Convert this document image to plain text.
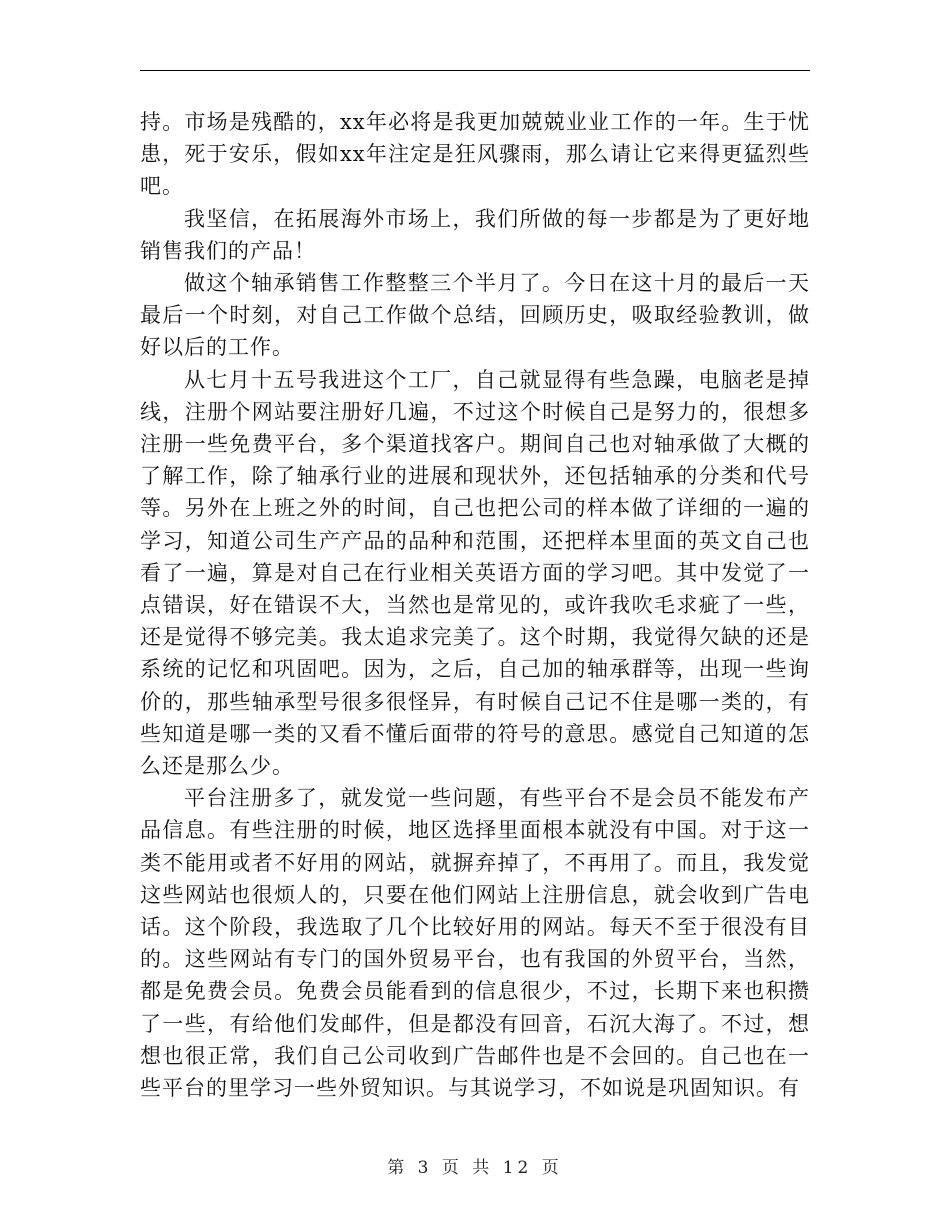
持。市场是残酷的，xx年必将是我更加兢兢业业工作的一年。生于忧患，死于安乐，假如xx年注定是狂风骤雨，那么请让它来得更猛烈些吧。

我坚信，在拓展海外市场上，我们所做的每一步都是为了更好地销售我们的产品！

做这个轴承销售工作整整三个半月了。今日在这十月的最后一天最后一个时刻，对自己工作做个总结，回顾历史，吸取经验教训，做好以后的工作。

从七月十五号我进这个工厂，自己就显得有些急躁，电脑老是掉线，注册个网站要注册好几遍，不过这个时候自己是努力的，很想多注册一些免费平台，多个渠道找客户。期间自己也对轴承做了大概的了解工作，除了轴承行业的进展和现状外，还包括轴承的分类和代号等。另外在上班之外的时间，自己也把公司的样本做了详细的一遍的学习，知道公司生产产品的品种和范围，还把样本里面的英文自己也看了一遍，算是对自己在行业相关英语方面的学习吧。其中发觉了一点错误，好在错误不大，当然也是常见的，或许我吹毛求疵了一些，还是觉得不够完美。我太追求完美了。这个时期，我觉得欠缺的还是系统的记忆和巩固吧。因为，之后，自己加的轴承群等，出现一些询价的，那些轴承型号很多很怪异，有时候自己记不住是哪一类的，有些知道是哪一类的又看不懂后面带的符号的意思。感觉自己知道的怎么还是那么少。

平台注册多了，就发觉一些问题，有些平台不是会员不能发布产品信息。有些注册的时候，地区选择里面根本就没有中国。对于这一类不能用或者不好用的网站，就摒弃掉了，不再用了。而且，我发觉这些网站也很烦人的，只要在他们网站上注册信息，就会收到广告电话。这个阶段，我选取了几个比较好用的网站。每天不至于很没有目的。这些网站有专门的国外贸易平台，也有我国的外贸平台，当然，都是免费会员。免费会员能看到的信息很少，不过，长期下来也积攒了一些，有给他们发邮件，但是都没有回音，石沉大海了。不过，想想也很正常，我们自己公司收到广告邮件也是不会回的。自己也在一些平台的里学习一些外贸知识。与其说学习，不如说是巩固知识。有

第 3 页 共 12 页
